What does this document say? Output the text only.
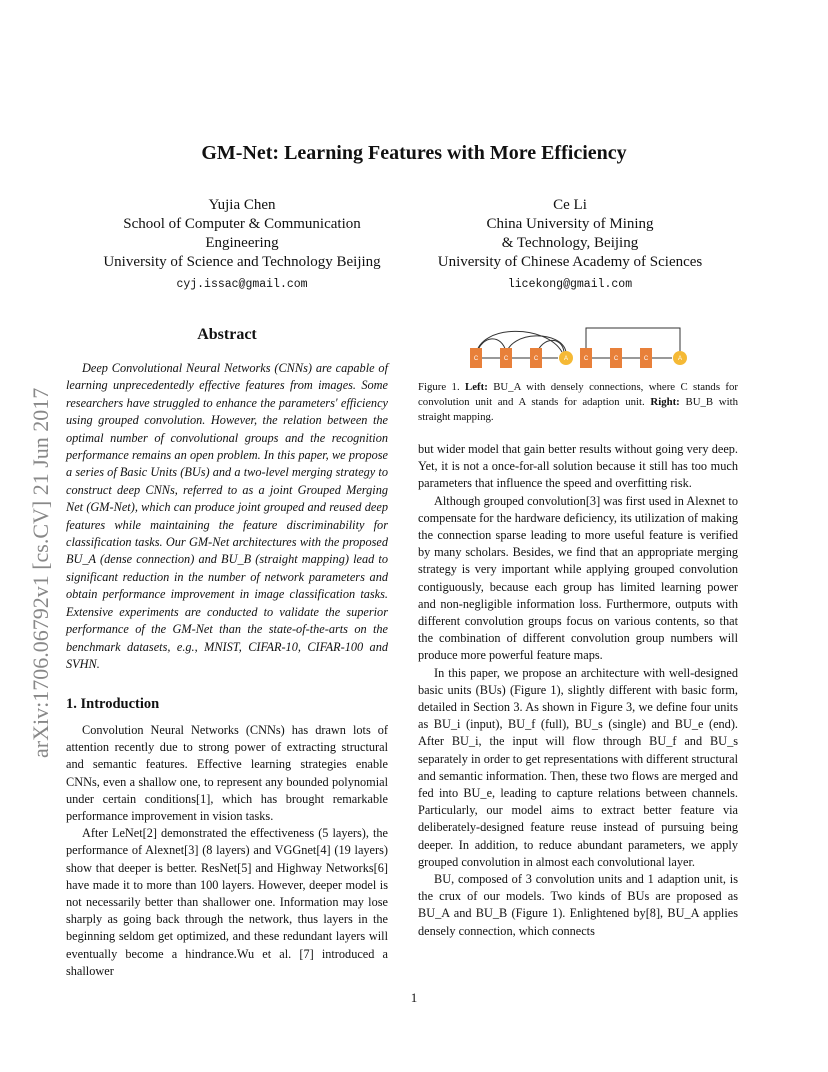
arXiv:1706.06792v1 [cs.CV] 21 Jun 2017
GM-Net: Learning Features with More Efficiency
Yujia Chen
School of Computer & Communication
Engineering
University of Science and Technology Beijing
cyj.issac@gmail.com
Ce Li
China University of Mining
& Technology, Beijing
University of Chinese Academy of Sciences
licekong@gmail.com
Abstract
Deep Convolutional Neural Networks (CNNs) are capable of learning unprecedentedly effective features from images. Some researchers have struggled to enhance the parameters' efficiency using grouped convolution. However, the relation between the optimal number of convolutional groups and the recognition performance remains an open problem. In this paper, we propose a series of Basic Units (BUs) and a two-level merging strategy to construct deep CNNs, referred to as a joint Grouped Merging Net (GM-Net), which can produce joint grouped and reused deep features while maintaining the feature discriminability for classification tasks. Our GM-Net architectures with the proposed BU_A (dense connection) and BU_B (straight mapping) lead to significant reduction in the number of network parameters and obtain performance improvement in image classification tasks. Extensive experiments are conducted to validate the superior performance of the GM-Net than the state-of-the-arts on the benchmark datasets, e.g., MNIST, CIFAR-10, CIFAR-100 and SVHN.
1. Introduction

Convolution Neural Networks (CNNs) has drawn lots of attention recently due to strong power of extracting structural and semantic features. Effective learning strategies enable CNNs, even a shallow one, to represent any bounded polynomial under certain conditions[1], which has brought remarkable performance improvement in vision tasks.

After LeNet[2] demonstrated the effectiveness (5 layers), the performance of Alexnet[3] (8 layers) and VGGnet[4] (19 layers) show that deeper is better. ResNet[5] and Highway Networks[6] have made it to more than 100 layers. However, deeper model is not necessarily better than shallower one. Information may lose sharply as going back through the network, thus layers in the beginning seldom get optimized, and these redundant layers will eventually become a hindrance.Wu et al. [7] introduced a shallower

C	C	C	A	C	C	C	A
Figure 1. Left: BU_A with densely connections, where C stands for convolution unit and A stands for adaption unit. Right: BU_B with straight mapping.

but wider model that gain better results without going very deep. Yet, it is not a once-for-all solution because it still has too much parameters that influence the speed and overfitting risk.

Although grouped convolution[3] was first used in Alexnet to compensate for the hardware deficiency, its utilization of making the connection sparse leading to more useful feature is verified by many scholars. Besides, we find that an appropriate merging strategy is very important while applying grouped convolution contiguously, because each group has limited learning power and non-negligible information loss. Furthermore, outputs with different convolution groups focus on various contents, so that the combination of different convolution group numbers will produce more powerful feature maps.

In this paper, we propose an architecture with well-designed basic units (BUs) (Figure 1), slightly different with basic form, detailed in Section 3. As shown in Figure 3, we define four units as BU_i (input), BU_f (full), BU_s (single) and BU_e (end). After BU_i, the input will flow through BU_f and BU_s separately in order to get representations with different structural and semantic information. Then, these two flows are merged and fed into BU_e, leading to capture relations between channels. Particularly, our model aims to extract better feature via deliberately-designed feature reuse instead of pursuing being deeper. In addition, to reduce abundant parameters, we apply grouped convolution in almost each convolutional layer.

BU, composed of 3 convolution units and 1 adaption unit, is the crux of our models. Two kinds of BUs are proposed as BU_A and BU_B (Figure 1). Enlightened by[8], BU_A applies densely connection, which connects

1
